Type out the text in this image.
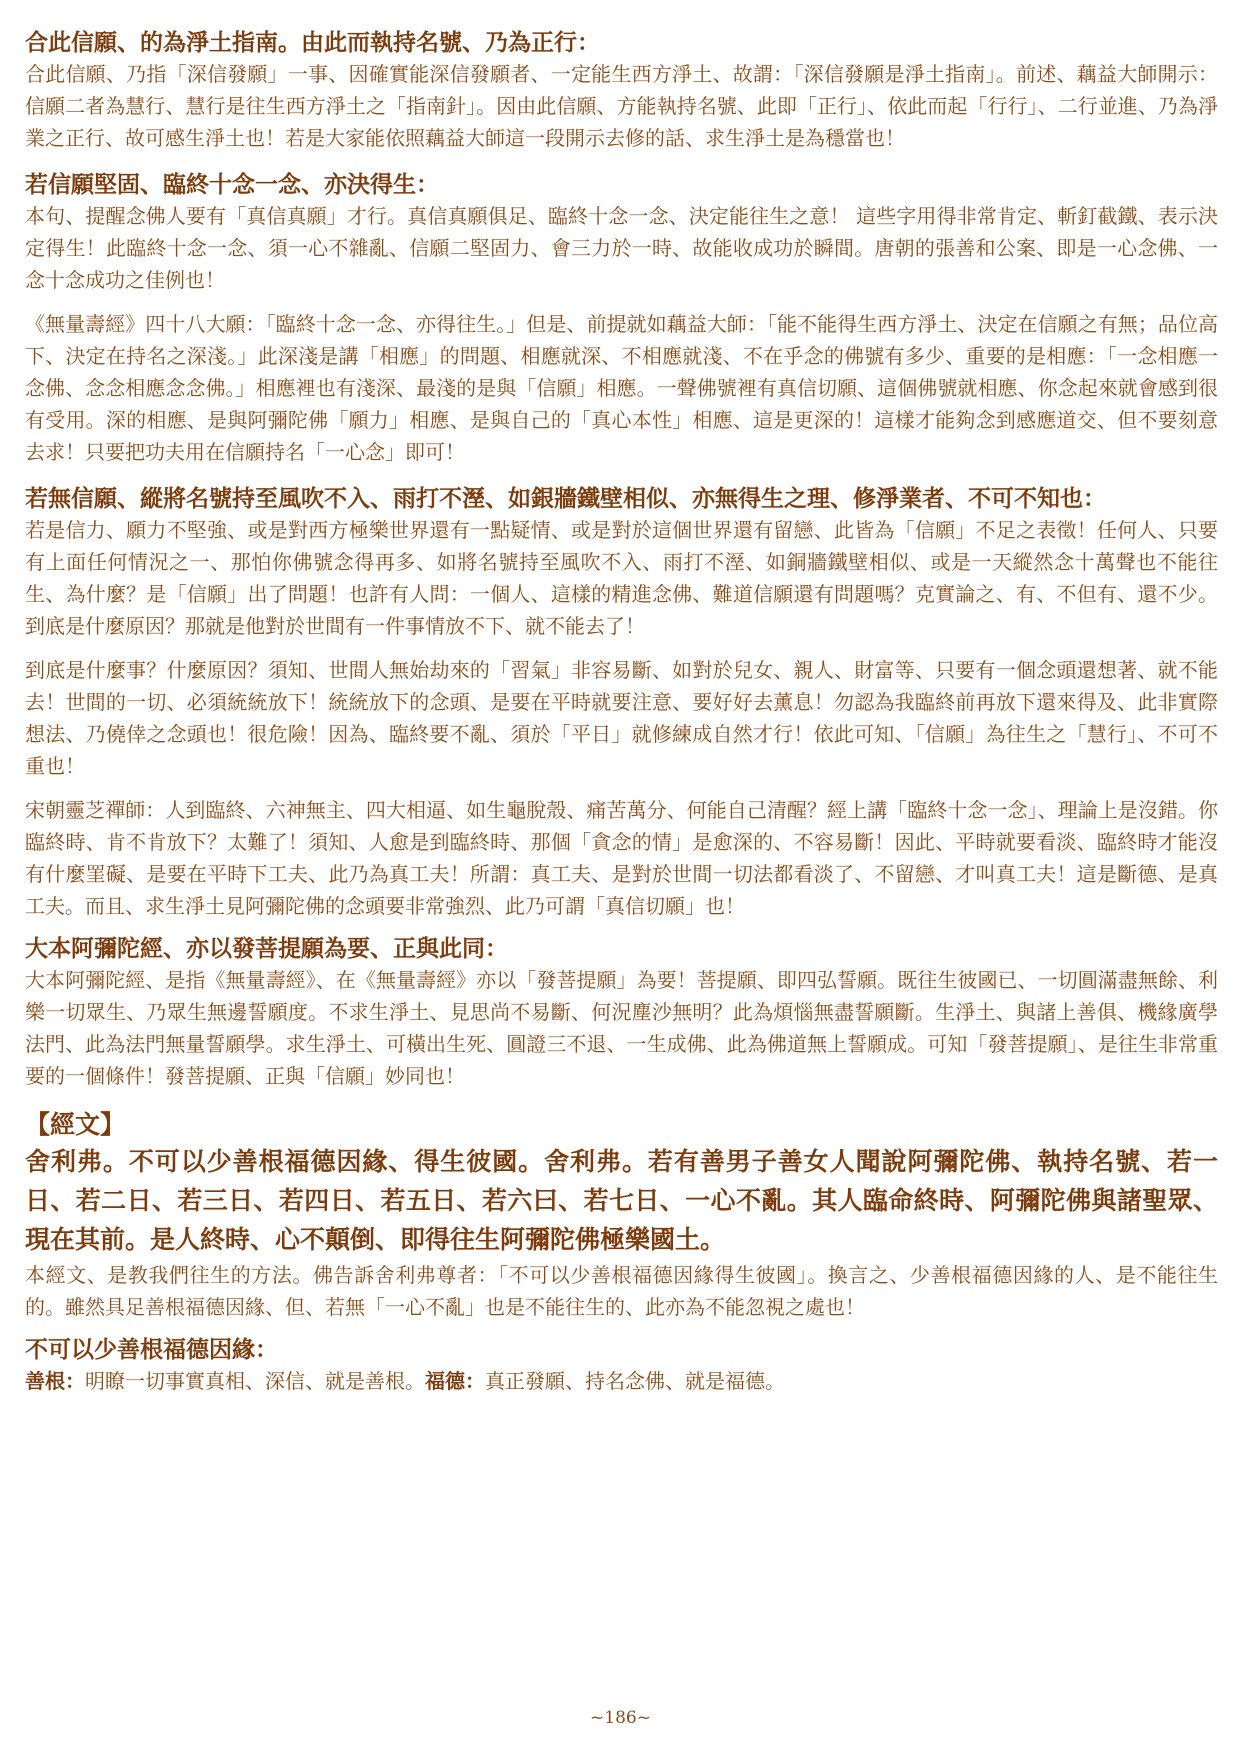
合此信願、的為淨土指南。由此而執持名號、乃為正行：

合此信願、乃指「深信發願」一事、因確實能深信發願者、一定能生西方淨土、故謂：「深信發願是淨土指南」。前述、藕益大師開示：信願二者為慧行、慧行是往生西方淨土之「指南針」。因由此信願、方能執持名號、此即「正行」、依此而起「行行」、二行並進、乃為淨業之正行、故可感生淨土也！若是大家能依照藕益大師這一段開示去修的話、求生淨土是為穩當也！

若信願堅固、臨終十念一念、亦決得生：

本句、提醒念佛人要有「真信真願」才行。真信真願俱足、臨終十念一念、決定能往生之意！ 這些字用得非常肯定、斬釘截鐵、表示決定得生！此臨終十念一念、須一心不雜亂、信願二堅固力、會三力於一時、故能收成功於瞬間。唐朝的張善和公案、即是一心念佛、一念十念成功之佳例也！

《無量壽經》四十八大願：「臨終十念一念、亦得往生。」但是、前提就如藕益大師：「能不能得生西方淨土、決定在信願之有無；品位高下、決定在持名之深淺。」此深淺是講「相應」的問題、相應就深、不相應就淺、不在乎念的佛號有多少、重要的是相應：「一念相應一念佛、念念相應念念佛。」相應裡也有淺深、最淺的是與「信願」相應。一聲佛號裡有真信切願、這個佛號就相應、你念起來就會感到很有受用。深的相應、是與阿彌陀佛「願力」相應、是與自己的「真心本性」相應、這是更深的！這樣才能夠念到感應道交、但不要刻意去求！只要把功夫用在信願持名「一心念」即可！

若無信願、縱將名號持至風吹不入、雨打不溼、如銀牆鐵壁相似、亦無得生之理、修淨業者、不可不知也：

若是信力、願力不堅強、或是對西方極樂世界還有一點疑情、或是對於這個世界還有留戀、此皆為「信願」不足之表徵！任何人、只要有上面任何情況之一、那怕你佛號念得再多、如將名號持至風吹不入、雨打不溼、如銅牆鐵壁相似、或是一天縱然念十萬聲也不能往生、為什麼？是「信願」出了問題！也許有人問：一個人、這樣的精進念佛、難道信願還有問題嗎？克實論之、有、不但有、還不少。到底是什麼原因？那就是他對於世間有一件事情放不下、就不能去了！

到底是什麼事？什麼原因？須知、世間人無始劫來的「習氣」非容易斷、如對於兒女、親人、財富等、只要有一個念頭還想著、就不能去！世間的一切、必須統統放下！統統放下的念頭、是要在平時就要注意、要好好去薰息！勿認為我臨終前再放下還來得及、此非實際想法、乃僥倖之念頭也！很危險！因為、臨終要不亂、須於「平日」就修練成自然才行！依此可知、「信願」為往生之「慧行」、不可不重也！

宋朝靈芝禪師：人到臨終、六神無主、四大相逼、如生龜脫殼、痛苦萬分、何能自己清醒？經上講「臨終十念一念」、理論上是沒錯。你臨終時、肯不肯放下？太難了！須知、人愈是到臨終時、那個「貪念的情」是愈深的、不容易斷！因此、平時就要看淡、臨終時才能沒有什麼罣礙、是要在平時下工夫、此乃為真工夫！所謂：真工夫、是對於世間一切法都看淡了、不留戀、才叫真工夫！這是斷德、是真工夫。而且、求生淨土見阿彌陀佛的念頭要非常強烈、此乃可謂「真信切願」也！

大本阿彌陀經、亦以發菩提願為要、正與此同：

大本阿彌陀經、是指《無量壽經》、在《無量壽經》亦以「發菩提願」為要！菩提願、即四弘誓願。既往生彼國已、一切圓滿盡無餘、利樂一切眾生、乃眾生無邊誓願度。不求生淨土、見思尚不易斷、何況塵沙無明？此為煩惱無盡誓願斷。生淨土、與諸上善俱、機緣廣學法門、此為法門無量誓願學。求生淨土、可橫出生死、圓證三不退、一生成佛、此為佛道無上誓願成。可知「發菩提願」、是往生非常重要的一個條件！發菩提願、正與「信願」妙同也！

【經文】

舍利弗。不可以少善根福德因緣、得生彼國。舍利弗。若有善男子善女人聞說阿彌陀佛、執持名號、若一日、若二日、若三日、若四日、若五日、若六曰、若七日、一心不亂。其人臨命終時、阿彌陀佛與諸聖眾、現在其前。是人終時、心不顛倒、即得往生阿彌陀佛極樂國土。

本經文、是教我們往生的方法。佛告訴舍利弗尊者：「不可以少善根福德因緣得生彼國」。換言之、少善根福德因緣的人、是不能往生的。雖然具足善根福德因緣、但、若無「一心不亂」也是不能往生的、此亦為不能忽視之處也！

不可以少善根福德因緣：

善根：明瞭一切事實真相、深信、就是善根。福德：真正發願、持名念佛、就是福德。

~186~
